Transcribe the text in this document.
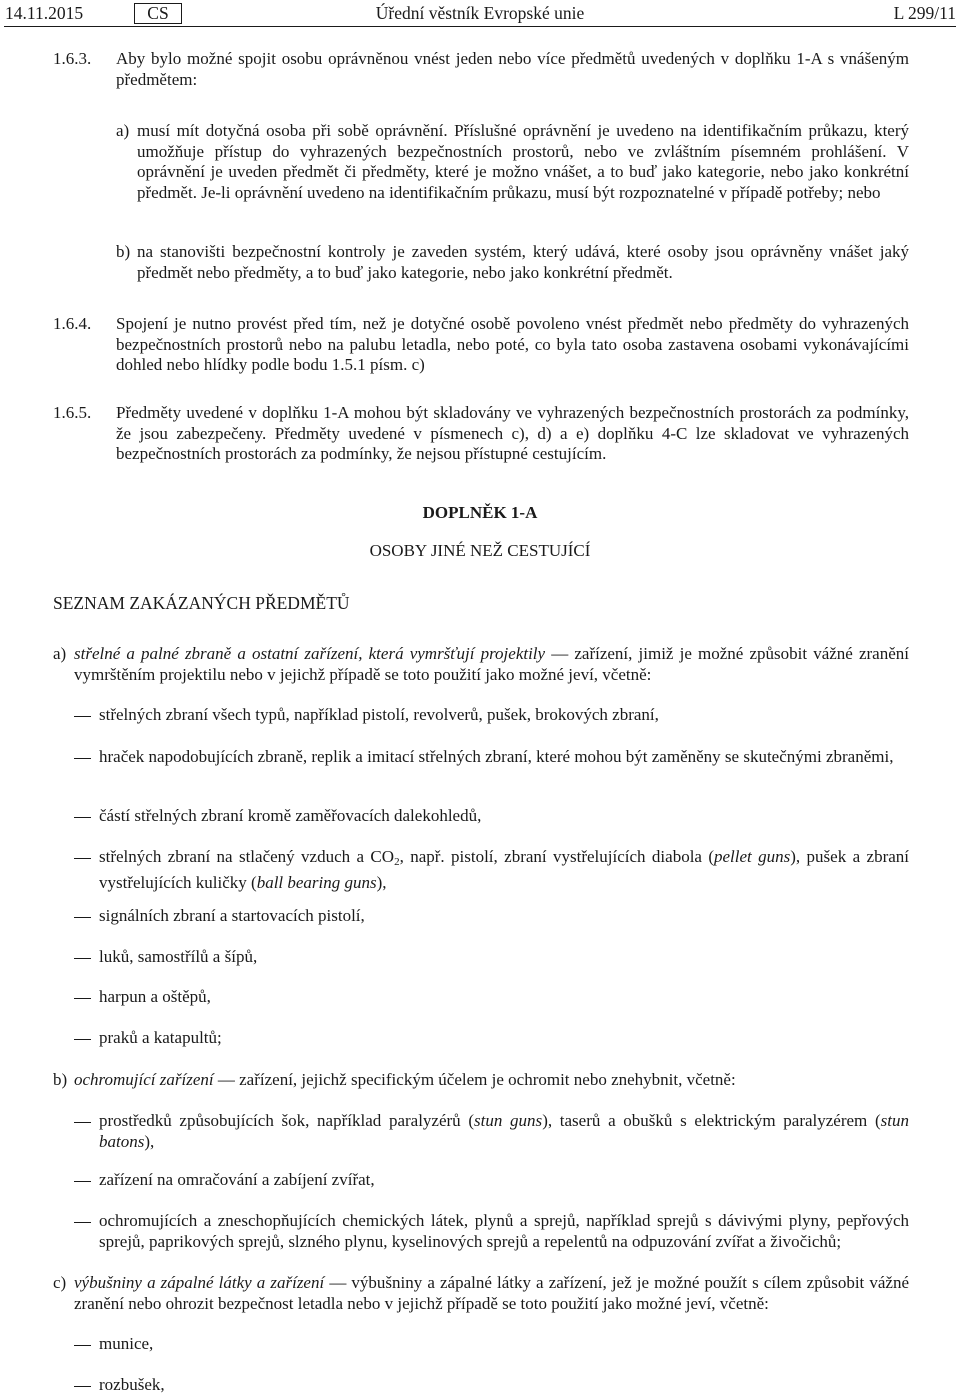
14.11.2015	CS	Úřední věstník Evropské unie	L 299/11
1.6.3. Aby bylo možné spojit osobu oprávněnou vnést jeden nebo více předmětů uvedených v doplňku 1-A s vnášeným předmětem:

a) musí mít dotyčná osoba při sobě oprávnění. Příslušné oprávnění je uvedeno na identifikačním průkazu, který umožňuje přístup do vyhrazených bezpečnostních prostorů, nebo ve zvláštním písemném prohlášení. V oprávnění je uveden předmět či předměty, které je možno vnášet, a to buď jako kategorie, nebo jako konkrétní předmět. Je-li oprávnění uvedeno na identifikačním průkazu, musí být rozpoznatelné v případě potřeby; nebo

b) na stanovišti bezpečnostní kontroly je zaveden systém, který udává, které osoby jsou oprávněny vnášet jaký předmět nebo předměty, a to buď jako kategorie, nebo jako konkrétní předmět.

1.6.4. Spojení je nutno provést před tím, než je dotyčné osobě povoleno vnést předmět nebo předměty do vyhrazených bezpečnostních prostorů nebo na palubu letadla, nebo poté, co byla tato osoba zastavena osobami vykonávajícími dohled nebo hlídky podle bodu 1.5.1 písm. c)

1.6.5. Předměty uvedené v doplňku 1-A mohou být skladovány ve vyhrazených bezpečnostních prostorách za podmínky, že jsou zabezpečeny. Předměty uvedené v písmenech c), d) a e) doplňku 4-C lze skladovat ve vyhrazených bezpečnostních prostorách za podmínky, že nejsou přístupné cestujícím.

DOPLNĚK 1-A
OSOBY JINÉ NEŽ CESTUJÍCÍ
SEZNAM ZAKÁZANÝCH PŘEDMĚTŮ
a) střelné a palné zbraně a ostatní zařízení, která vymršťují projektily — zařízení, jimiž je možné způsobit vážné zranění vymrštěním projektilu nebo v jejichž případě se toto použití jako možné jeví, včetně:

střelných zbraní všech typů, například pistolí, revolverů, pušek, brokových zbraní,

hraček napodobujících zbraně, replik a imitací střelných zbraní, které mohou být zaměněny se skutečnými zbraněmi,

částí střelných zbraní kromě zaměřovacích dalekohledů,

střelných zbraní na stlačený vzduch a $CO_2$, např. pistolí, zbraní vystřelujících diabola (pellet guns), pušek a zbraní vystřelujících kuličky (ball bearing guns),

signálních zbraní a startovacích pistolí,

luků, samostřílů a šípů,

harpun a oštěpů,

praků a katapultů;

b) ochromující zařízení — zařízení, jejichž specifickým účelem je ochromit nebo znehybnit, včetně:

prostředků způsobujících šok, například paralyzérů (stun guns), taserů a obušků s elektrickým paralyzérem (stun batons),

zařízení na omračování a zabíjení zvířat,

ochromujících a zneschopňujících chemických látek, plynů a sprejů, například sprejů s dávivými plyny, pepřových sprejů, paprikových sprejů, slzného plynu, kyselinových sprejů a repelentů na odpuzování zvířat a živočichů;

c) výbušniny a zápalné látky a zařízení — výbušniny a zápalné látky a zařízení, jež je možné použít s cílem způsobit vážné zranění nebo ohrozit bezpečnost letadla nebo v jejichž případě se toto použití jako možné jeví, včetně:

munice,

rozbušek,
